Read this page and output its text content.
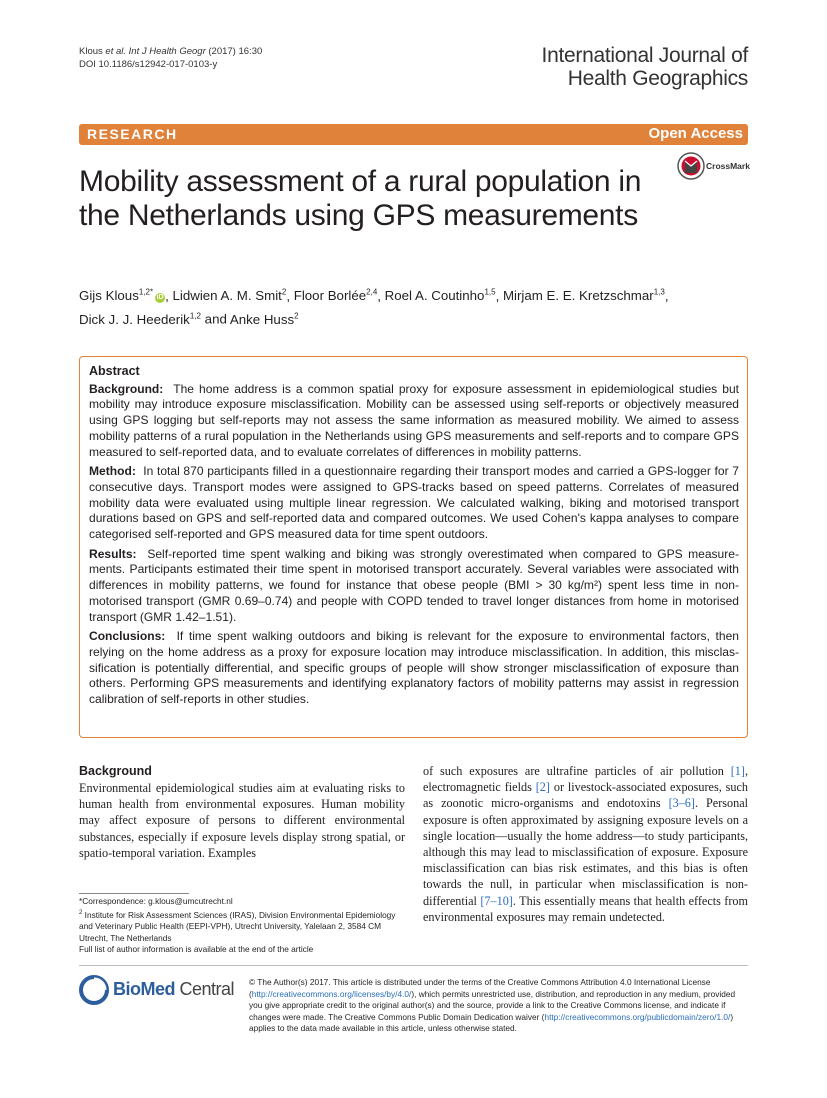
Klous et al. Int J Health Geogr (2017) 16:30
DOI 10.1186/s12942-017-0103-y	International Journal of
Health Geographics
RESEARCH	Open Access
CrossMark
Mobility assessment of a rural population in the Netherlands using GPS measurements
Gijs Klous$^{1,2*}$iD , Lidwien A. M. Smit$^2$, Floor Borlée$^{2,4}$, Roel A. Coutinho$^{1,5}$, Mirjam E. E. Kretzschmar$^{1,3}$,
Dick J. J. Heederik$^{1,2}$ and Anke Huss$^2$
Abstract

Background: The home address is a common spatial proxy for exposure assessment in epidemiological studies but mobility may introduce exposure misclassification. Mobility can be assessed using self-reports or objectively measured using GPS logging but self-reports may not assess the same information as measured mobility. We aimed to assess mobility patterns of a rural population in the Netherlands using GPS measurements and self-reports and to compare GPS measured to self-reported data, and to evaluate correlates of differences in mobility patterns.

Method: In total 870 participants filled in a questionnaire regarding their transport modes and carried a GPS-logger for 7 consecutive days. Transport modes were assigned to GPS-tracks based on speed patterns. Correlates of measured mobility data were evaluated using multiple linear regression. We calculated walking, biking and motorised transport durations based on GPS and self-reported data and compared outcomes. We used Cohen's kappa analyses to compare categorised self-reported and GPS measured data for time spent outdoors.

Results: Self-reported time spent walking and biking was strongly overestimated when compared to GPS measurements. Participants estimated their time spent in motorised transport accurately. Several variables were associated with differences in mobility patterns, we found for instance that obese people (BMI > 30 kg/m²) spent less time in non-motorised transport (GMR 0.69–0.74) and people with COPD tended to travel longer distances from home in motorised transport (GMR 1.42–1.51).

Conclusions: If time spent walking outdoors and biking is relevant for the exposure to environmental factors, then relying on the home address as a proxy for exposure location may introduce misclassification. In addition, this misclassification is potentially differential, and specific groups of people will show stronger misclassification of exposure than others. Performing GPS measurements and identifying explanatory factors of mobility patterns may assist in regression calibration of self-reports in other studies.

Background
Environmental epidemiological studies aim at evaluating risks to human health from environmental exposures. Human mobility may affect exposure of persons to different environmental substances, especially if exposure levels display strong spatial, or spatio-temporal variation. Examples
of such exposures are ultrafine particles of air pollution [1], electromagnetic fields [2] or livestock-associated exposures, such as zoonotic micro-organisms and endotoxins [3–6]. Personal exposure is often approximated by assigning exposure levels on a single location—usually the home address—to study participants, although this may lead to misclassification of exposure. Exposure misclassification can bias risk estimates, and this bias is often towards the null, in particular when misclassification is non-differential [7–10]. This essentially means that health effects from environmental exposures may remain undetected.
*Correspondence: g.klous@umcutrecht.nl
$^2$ Institute for Risk Assessment Sciences (IRAS), Division Environmental Epidemiology and Veterinary Public Health (EEPI-VPH), Utrecht University, Yalelaan 2, 3584 CM Utrecht, The Netherlands
Full list of author information is available at the end of the article
BioMed Central © The Author(s) 2017. This article is distributed under the terms of the Creative Commons Attribution 4.0 International License (http://creativecommons.org/licenses/by/4.0/), which permits unrestricted use, distribution, and reproduction in any medium, provided you give appropriate credit to the original author(s) and the source, provide a link to the Creative Commons license, and indicate if changes were made. The Creative Commons Public Domain Dedication waiver (http://creativecommons.org/publicdomain/zero/1.0/) applies to the data made available in this article, unless otherwise stated.
